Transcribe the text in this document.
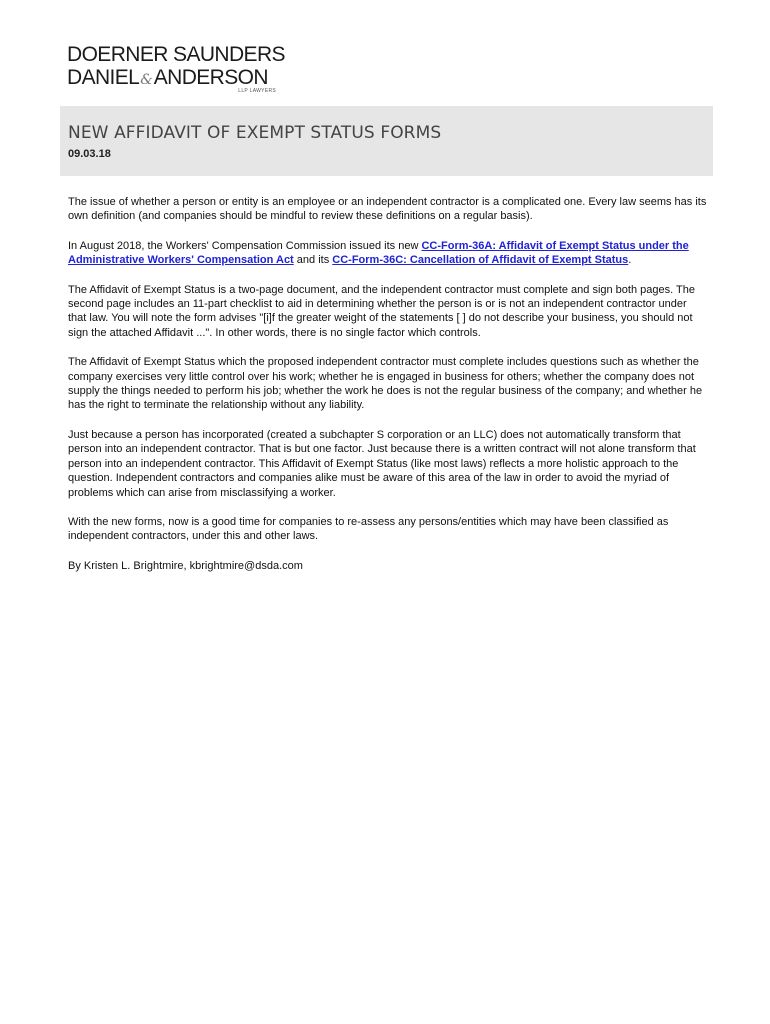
DOERNER SAUNDERS
DANIEL&ANDERSON
LLP LAWYERS
NEW AFFIDAVIT OF EXEMPT STATUS FORMS
09.03.18

The issue of whether a person or entity is an employee or an independent contractor is a complicated one. Every law seems has its own definition (and companies should be mindful to review these definitions on a regular basis).

In August 2018, the Workers' Compensation Commission issued its new CC-Form-36A: Affidavit of Exempt Status under the Administrative Workers' Compensation Act and its CC-Form-36C: Cancellation of Affidavit of Exempt Status.

The Affidavit of Exempt Status is a two-page document, and the independent contractor must complete and sign both pages. The second page includes an 11-part checklist to aid in determining whether the person is or is not an independent contractor under that law. You will note the form advises "[i]f the greater weight of the statements [ ] do not describe your business, you should not sign the attached Affidavit ...". In other words, there is no single factor which controls.

The Affidavit of Exempt Status which the proposed independent contractor must complete includes questions such as whether the company exercises very little control over his work; whether he is engaged in business for others; whether the company does not supply the things needed to perform his job; whether the work he does is not the regular business of the company; and whether he has the right to terminate the relationship without any liability.

Just because a person has incorporated (created a subchapter S corporation or an LLC) does not automatically transform that person into an independent contractor. That is but one factor. Just because there is a written contract will not alone transform that person into an independent contractor. This Affidavit of Exempt Status (like most laws) reflects a more holistic approach to the question. Independent contractors and companies alike must be aware of this area of the law in order to avoid the myriad of problems which can arise from misclassifying a worker.

With the new forms, now is a good time for companies to re-assess any persons/entities which may have been classified as independent contractors, under this and other laws.

By Kristen L. Brightmire, kbrightmire@dsda.com
